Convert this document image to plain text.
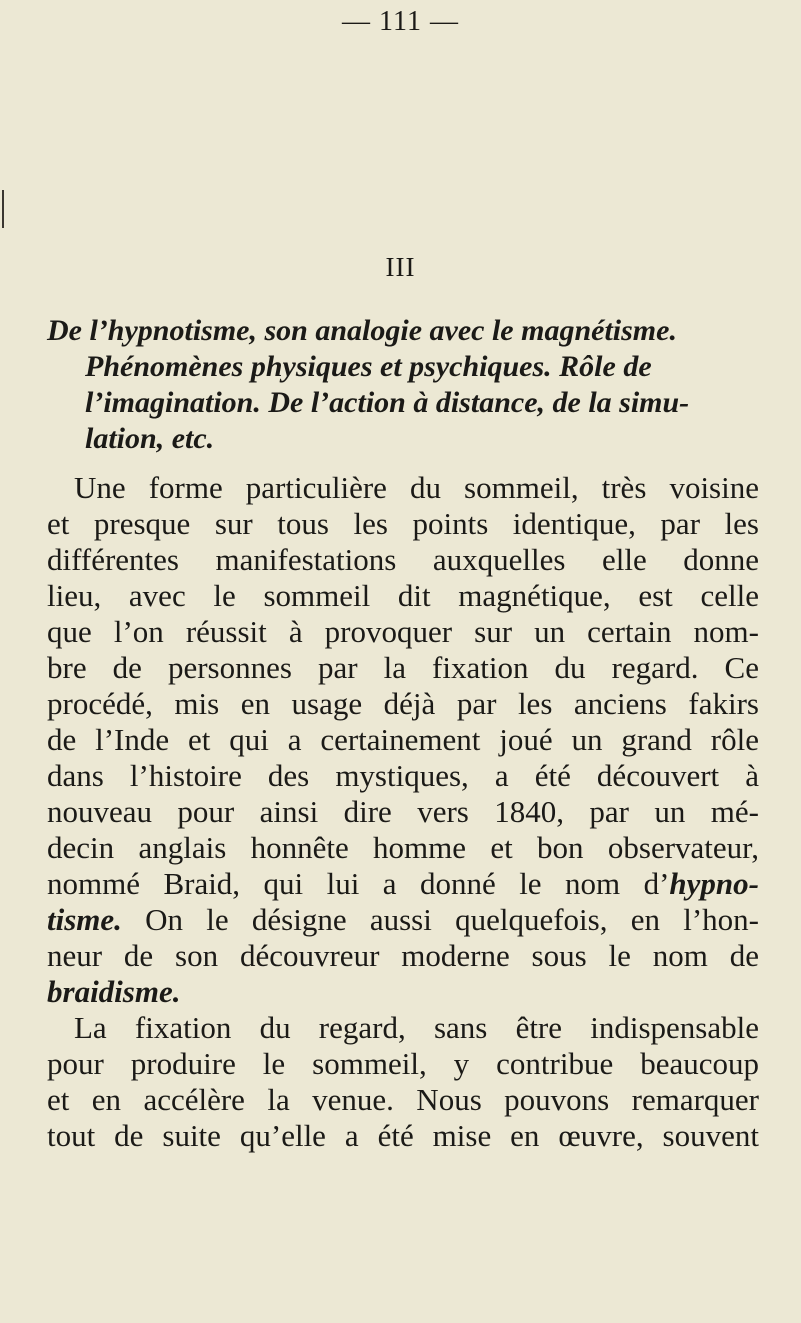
— 111 —
III
De l’hypnotisme, son analogie avec le magnétisme.
Phénomènes physiques et psychiques. Rôle de
l’imagination. De l’action à distance, de la simu-
lation, etc.
Une forme particulière du sommeil, très voisine
et presque sur tous les points identique, par les
différentes manifestations auxquelles elle donne
lieu, avec le sommeil dit magnétique, est celle
que l’on réussit à provoquer sur un certain nom-
bre de personnes par la fixation du regard. Ce
procédé, mis en usage déjà par les anciens fakirs
de l’Inde et qui a certainement joué un grand rôle
dans l’histoire des mystiques, a été découvert à
nouveau pour ainsi dire vers 1840, par un mé-
decin anglais honnête homme et bon observateur,
nommé Braid, qui lui a donné le nom d’hypno-
tisme. On le désigne aussi quelquefois, en l’hon-
neur de son découvreur moderne sous le nom de
braidisme.
La fixation du regard, sans être indispensable
pour produire le sommeil, y contribue beaucoup
et en accélère la venue. Nous pouvons remarquer
tout de suite qu’elle a été mise en œuvre, souvent
